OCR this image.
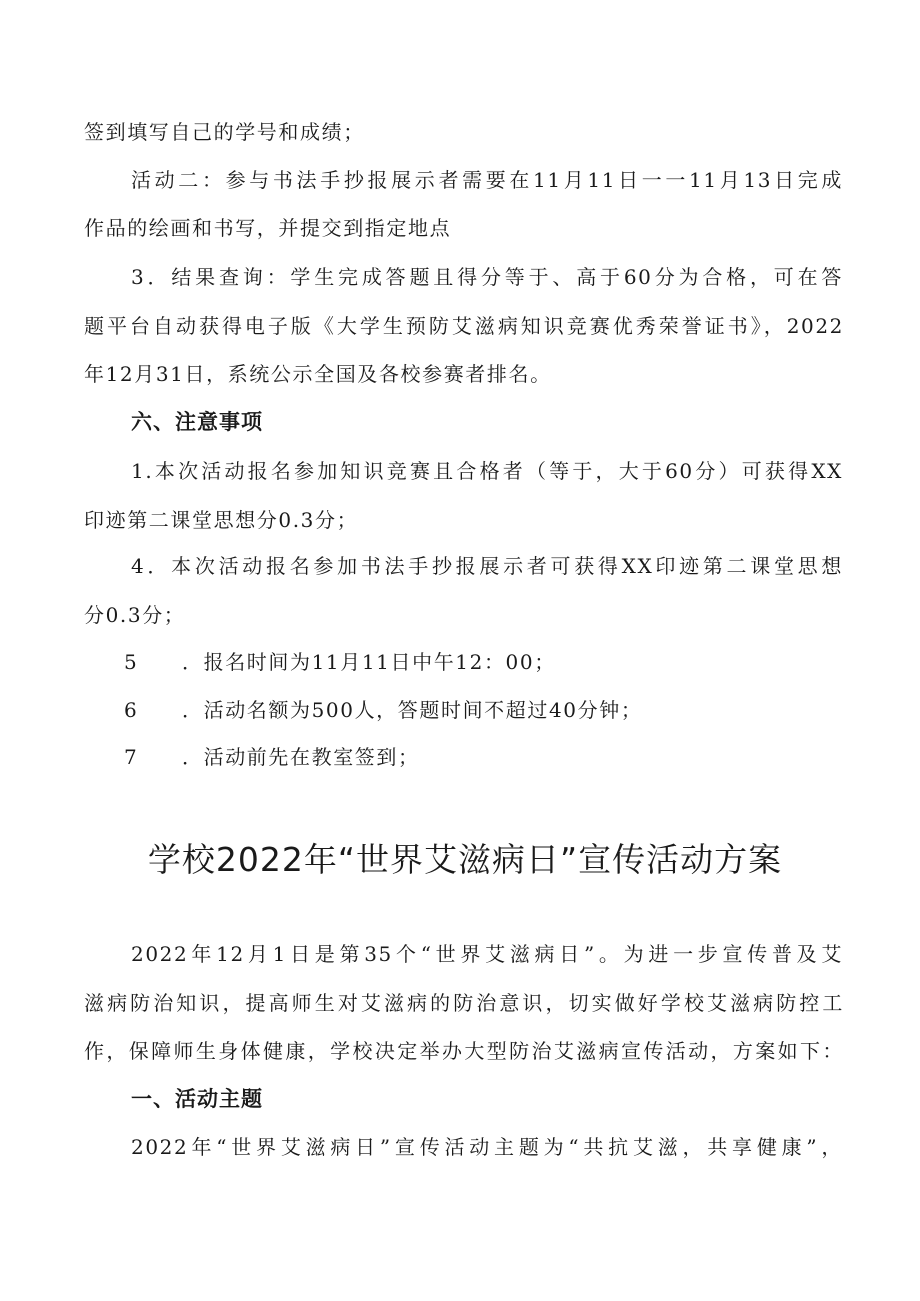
签到填写自己的学号和成绩；
活动二：参与书法手抄报展示者需要在11月11日一一11月13日完成
作品的绘画和书写，并提交到指定地点
3．结果查询：学生完成答题且得分等于、高于60分为合格，可在答
题平台自动获得电子版《大学生预防艾滋病知识竞赛优秀荣誉证书》，2022
年12月31日，系统公示全国及各校参赛者排名。
六、注意事项
1.本次活动报名参加知识竞赛且合格者（等于，大于60分）可获得XX
印迹第二课堂思想分0.3分；
4．本次活动报名参加书法手抄报展示者可获得XX印迹第二课堂思想
分0.3分；
5 ．报名时间为11月11日中午12：00；
6 ．活动名额为500人，答题时间不超过40分钟；
7 ．活动前先在教室签到；
学校2022年“世界艾滋病日”宣传活动方案
2022年12月1日是第35个“世界艾滋病日”。为进一步宣传普及艾
滋病防治知识，提高师生对艾滋病的防治意识，切实做好学校艾滋病防控工
作，保障师生身体健康，学校决定举办大型防治艾滋病宣传活动，方案如下：
一、活动主题
2022年“世界艾滋病日”宣传活动主题为“共抗艾滋，共享健康”，
